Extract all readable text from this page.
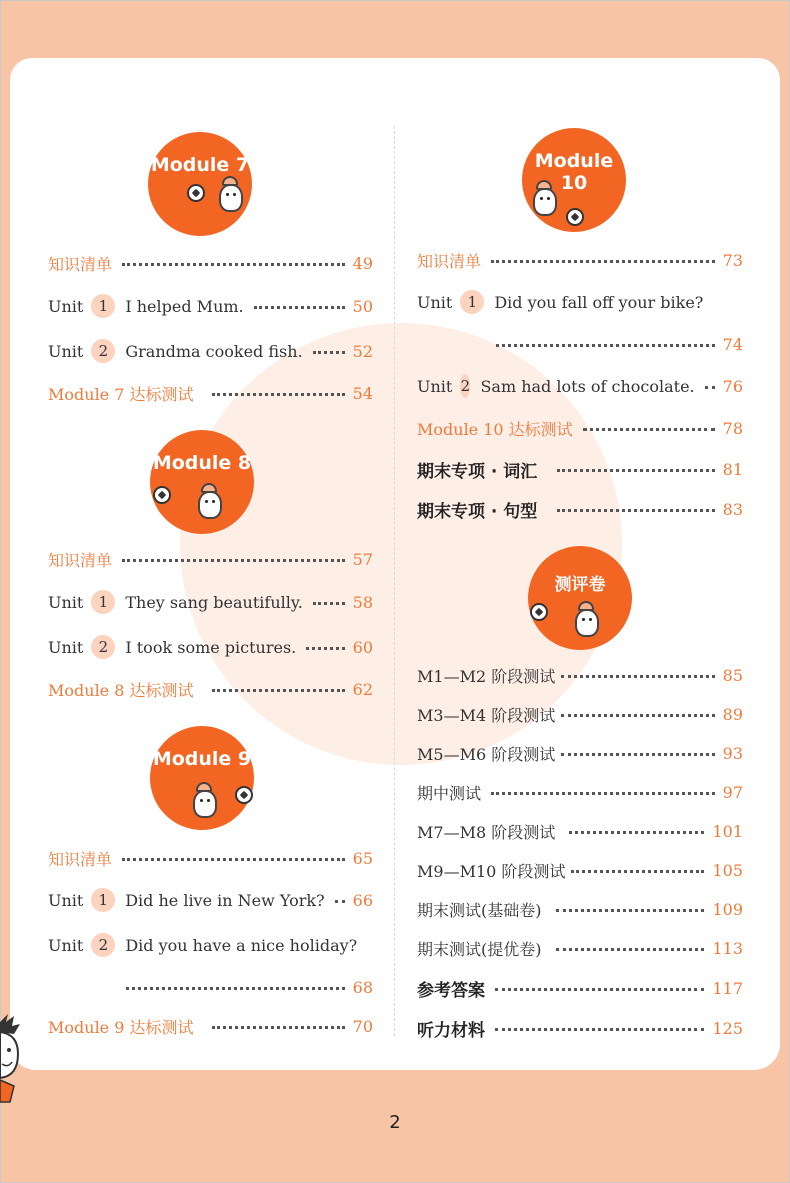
Module 7
知识清单	49
Unit	1	I helped Mum.	50
Unit	2	Grandma cooked fish.	52
Module 7 达标测试	54
Module 8
知识清单	57
Unit	1	They sang beautifully.	58
Unit	2	I took some pictures.	60
Module 8 达标测试	62
Module 9
知识清单	65
Unit	1	Did he live in New York? 66
Unit	2	Did you have a nice holiday?
68
Module 9 达标测试	70
Module 10
知识清单	73
Unit	1	Did you fall off your bike?
74
Unit 2 Sam had lots of chocolate. 76
Module 10 达标测试	78
期末专项 · 词汇	81
期末专项 · 句型	83
测评卷
M1—M2 阶段测试	85
M3—M4 阶段测试	89
M5—M6 阶段测试	93
期中测试	97
M7—M8 阶段测试	101
M9—M10 阶段测试	105
期末测试(基础卷)	109
期末测试(提优卷)	113
参考答案	117
听力材料	125
2
